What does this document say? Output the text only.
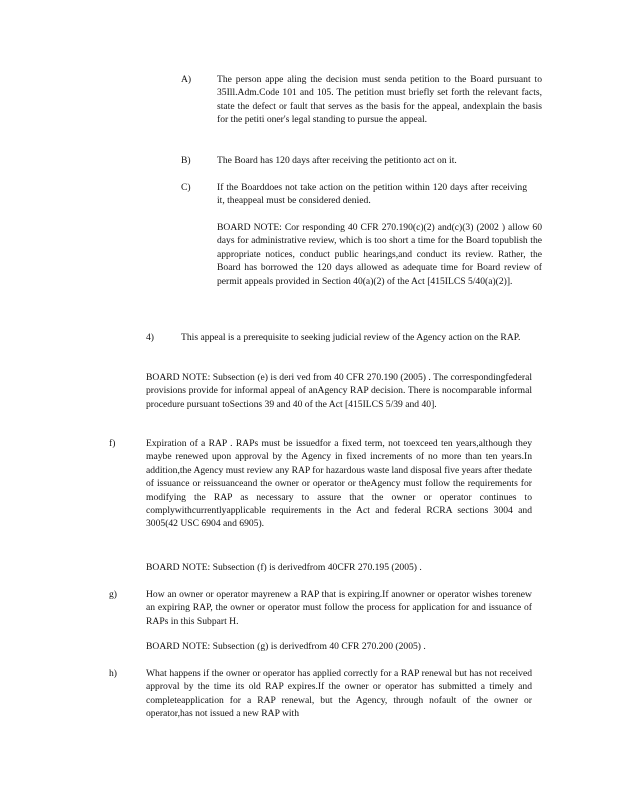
A)	The person appe aling the decision must senda petition to the Board pursuant to 35Ill.Adm.Code 101 and 105. The petition must briefly set forth the relevant facts, state the defect or fault that serves as the basis for the appeal, andexplain the basis for the petiti oner's legal standing to pursue the appeal.
B)	The Board has 120 days after receiving the petitionto act on it.
C)	If the Boarddoes not take action on the petition within 120 days after receiving it, theappeal must be considered denied.
BOARD NOTE: Cor responding 40 CFR 270.190(c)(2) and(c)(3) (2002 ) allow 60 days for administrative review, which is too short a time for the Board topublish the appropriate notices, conduct public hearings,and conduct its review. Rather, the Board has borrowed the 120 days allowed as adequate time for Board review of permit appeals provided in Section 40(a)(2) of the Act [415ILCS 5/40(a)(2)].
4)	This appeal is a prerequisite to seeking judicial review of the Agency action on the RAP.
BOARD NOTE: Subsection (e) is deri ved from 40 CFR 270.190 (2005) . The correspondingfederal provisions provide for informal appeal of anAgency RAP decision. There is nocomparable informal procedure pursuant toSections 39 and 40 of the Act [415ILCS 5/39 and 40].
f)	Expiration of a RAP . RAPs must be issuedfor a fixed term, not toexceed ten years,although they maybe renewed upon approval by the Agency in fixed increments of no more than ten years.In addition,the Agency must review any RAP for hazardous waste land disposal five years after thedate of issuance or reissuanceand the owner or operator or theAgency must follow the requirements for modifying the RAP as necessary to assure that the owner or operator continues to complywithcurrentlyapplicable requirements in the Act and federal RCRA sections 3004 and 3005(42 USC 6904 and 6905).
BOARD NOTE: Subsection (f) is derivedfrom 40CFR 270.195 (2005) .
g)	How an owner or operator mayrenew a RAP that is expiring.If anowner or operator wishes torenew an expiring RAP, the owner or operator must follow the process for application for and issuance of RAPs in this Subpart H.
BOARD NOTE: Subsection (g) is derivedfrom 40 CFR 270.200 (2005) .
h)	What happens if the owner or operator has applied correctly for a RAP renewal but has not received approval by the time its old RAP expires.If the owner or operator has submitted a timely and completeapplication for a RAP renewal, but the Agency, through nofault of the owner or operator,has not issued a new RAP with
